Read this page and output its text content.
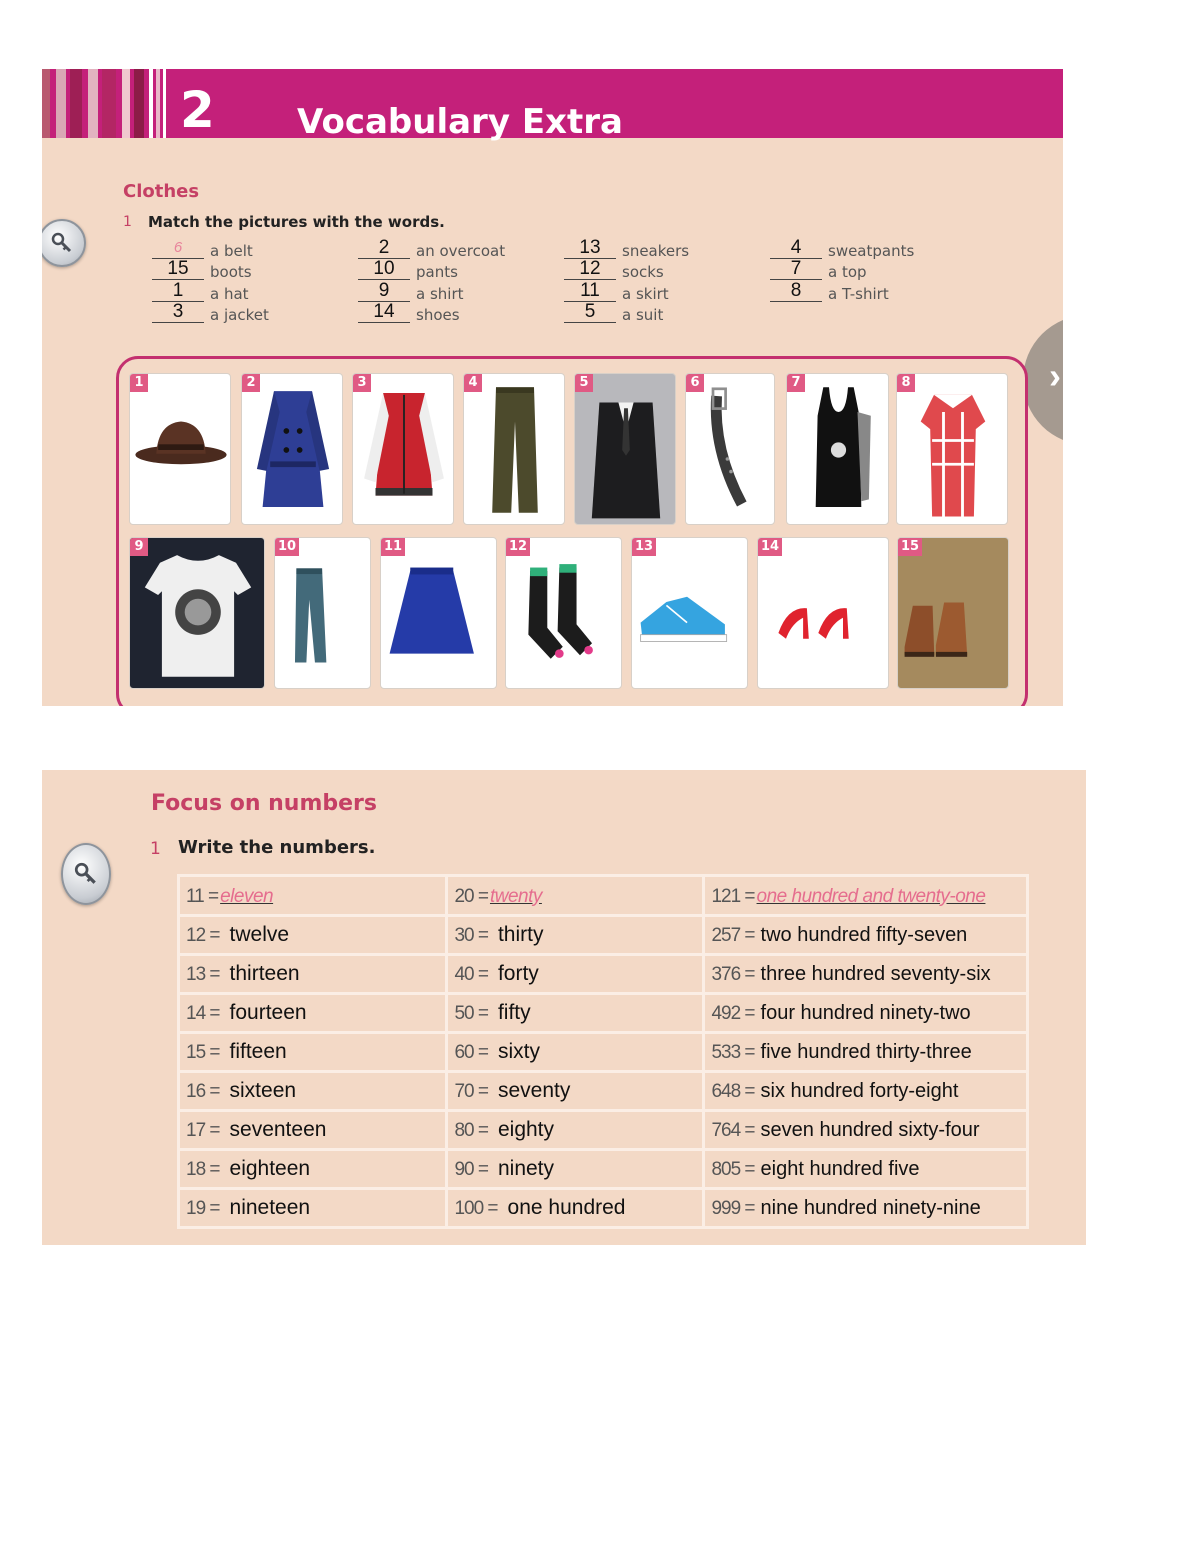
2 Vocabulary Extra
Clothes
1 Match the pictures with the words.
6	a belt
15	boots
1	a hat
3	a jacket
2	an overcoat
10	pants
9	a shirt
14	shoes
13	sneakers
12	socks
11	a skirt
5	a suit
4	sweatpants
7	a top
8	a T-shirt
›
1	2	3	4	5	6	7	8
9	10	11	12	13	14	15
Focus on numbers
1 Write the numbers.
11 = eleven	20 = twenty	121 = one hundred and twenty-one
12 = twelve	30 = thirty	257 = two hundred fifty-seven
13 = thirteen	40 = forty	376 = three hundred seventy-six
14 = fourteen	50 = fifty	492 = four hundred ninety-two
15 = fifteen	60 = sixty	533 = five hundred thirty-three
16 = sixteen	70 = seventy	648 = six hundred forty-eight
17 = seventeen	80 = eighty	764 = seven hundred sixty-four
18 = eighteen	90 = ninety	805 = eight hundred five
19 = nineteen	100 = one hundred	999 = nine hundred ninety-nine
